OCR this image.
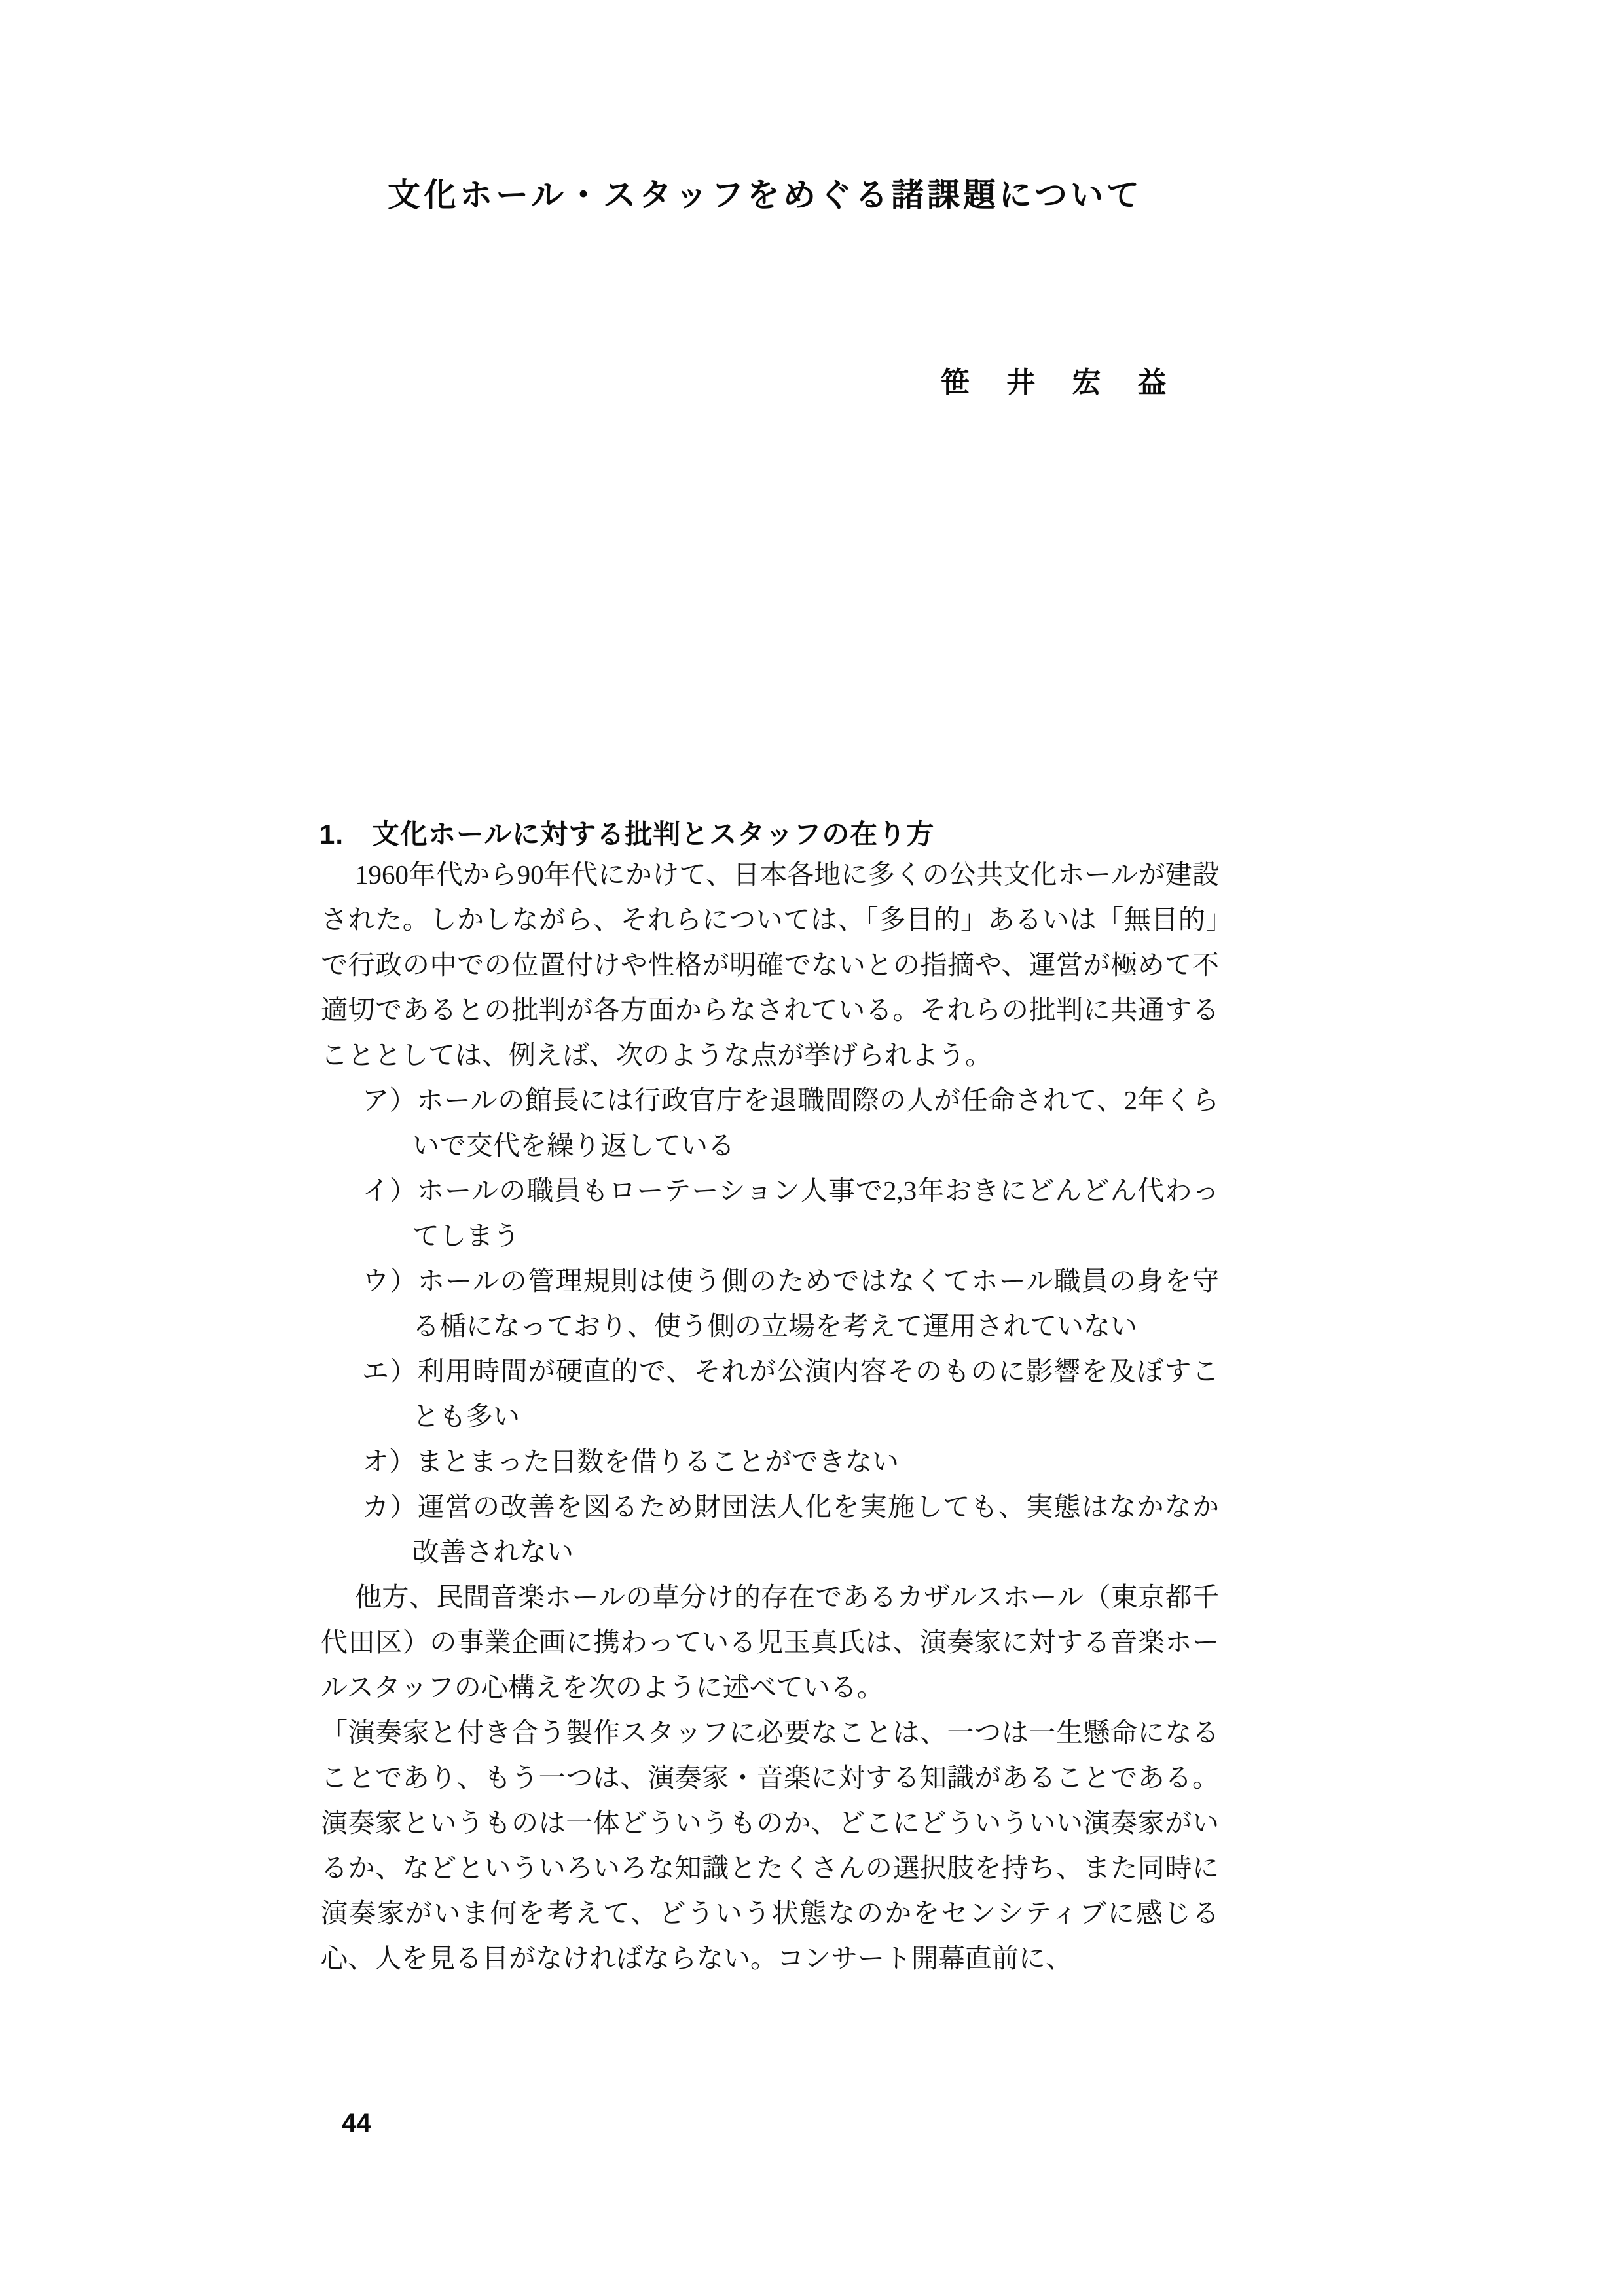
文化ホール・スタッフをめぐる諸課題について
笹 井 宏 益
1.　文化ホールに対する批判とスタッフの在り方

1960年代から90年代にかけて、日本各地に多くの公共文化ホールが建設された。しかしながら、それらについては、「多目的」あるいは「無目的」で行政の中での位置付けや性格が明確でないとの指摘や、運営が極めて不適切であるとの批判が各方面からなされている。それらの批判に共通することとしては、例えば、次のような点が挙げられよう。

ア）ホールの館長には行政官庁を退職間際の人が任命されて、2年くらいで交代を繰り返している
イ）ホールの職員もローテーション人事で2,3年おきにどんどん代わってしまう
ウ）ホールの管理規則は使う側のためではなくてホール職員の身を守る楯になっており、使う側の立場を考えて運用されていない
エ）利用時間が硬直的で、それが公演内容そのものに影響を及ぼすことも多い
オ）まとまった日数を借りることができない
カ）運営の改善を図るため財団法人化を実施しても、実態はなかなか改善されない

他方、民間音楽ホールの草分け的存在であるカザルスホール（東京都千代田区）の事業企画に携わっている児玉真氏は、演奏家に対する音楽ホールスタッフの心構えを次のように述べている。

「演奏家と付き合う製作スタッフに必要なことは、一つは一生懸命になることであり、もう一つは、演奏家・音楽に対する知識があることである。演奏家というものは一体どういうものか、どこにどういういい演奏家がいるか、などといういろいろな知識とたくさんの選択肢を持ち、また同時に演奏家がいま何を考えて、どういう状態なのかをセンシティブに感じる心、人を見る目がなければならない。コンサート開幕直前に、

44
